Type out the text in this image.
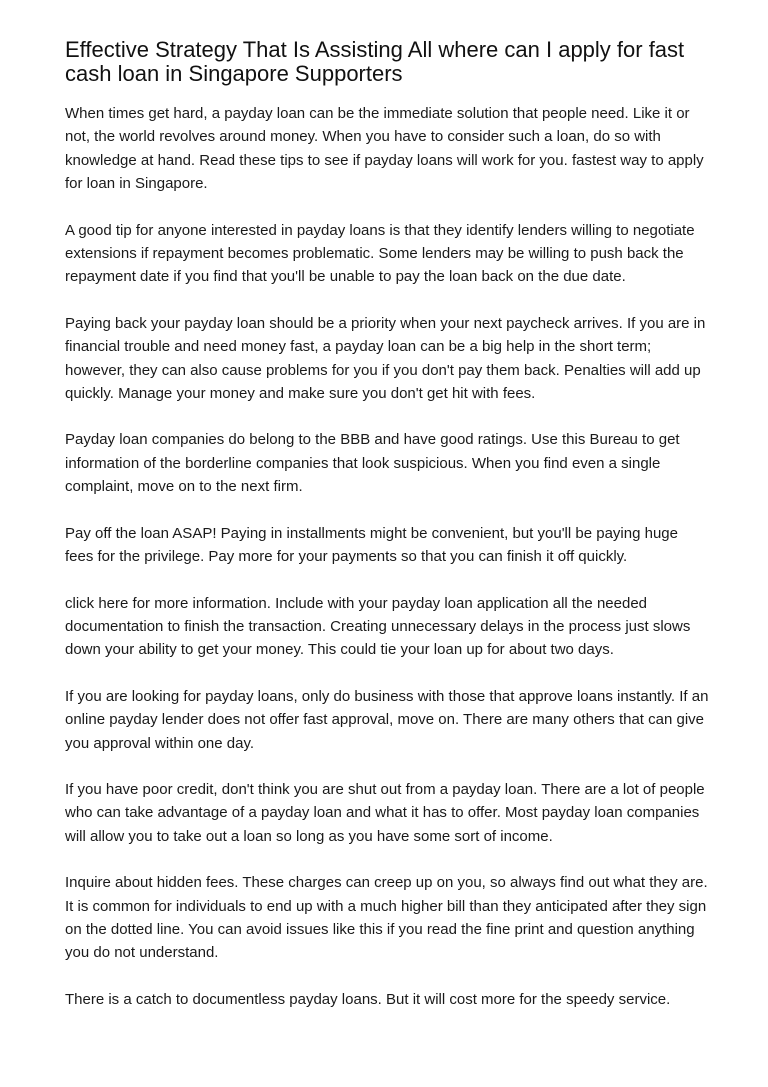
Effective Strategy That Is Assisting All where can I apply for fast cash loan in Singapore Supporters

When times get hard, a payday loan can be the immediate solution that people need. Like it or not, the world revolves around money. When you have to consider such a loan, do so with knowledge at hand. Read these tips to see if payday loans will work for you. fastest way to apply for loan in Singapore.

A good tip for anyone interested in payday loans is that they identify lenders willing to negotiate extensions if repayment becomes problematic. Some lenders may be willing to push back the repayment date if you find that you'll be unable to pay the loan back on the due date.

Paying back your payday loan should be a priority when your next paycheck arrives. If you are in financial trouble and need money fast, a payday loan can be a big help in the short term; however, they can also cause problems for you if you don't pay them back. Penalties will add up quickly. Manage your money and make sure you don't get hit with fees.

Payday loan companies do belong to the BBB and have good ratings. Use this Bureau to get information of the borderline companies that look suspicious. When you find even a single complaint, move on to the next firm.

Pay off the loan ASAP! Paying in installments might be convenient, but you'll be paying huge fees for the privilege. Pay more for your payments so that you can finish it off quickly.

click here for more information. Include with your payday loan application all the needed documentation to finish the transaction. Creating unnecessary delays in the process just slows down your ability to get your money. This could tie your loan up for about two days.

If you are looking for payday loans, only do business with those that approve loans instantly. If an online payday lender does not offer fast approval, move on. There are many others that can give you approval within one day.

If you have poor credit, don't think you are shut out from a payday loan. There are a lot of people who can take advantage of a payday loan and what it has to offer. Most payday loan companies will allow you to take out a loan so long as you have some sort of income.

Inquire about hidden fees. These charges can creep up on you, so always find out what they are. It is common for individuals to end up with a much higher bill than they anticipated after they sign on the dotted line. You can avoid issues like this if you read the fine print and question anything you do not understand.

There is a catch to documentless payday loans. But it will cost more for the speedy service.
